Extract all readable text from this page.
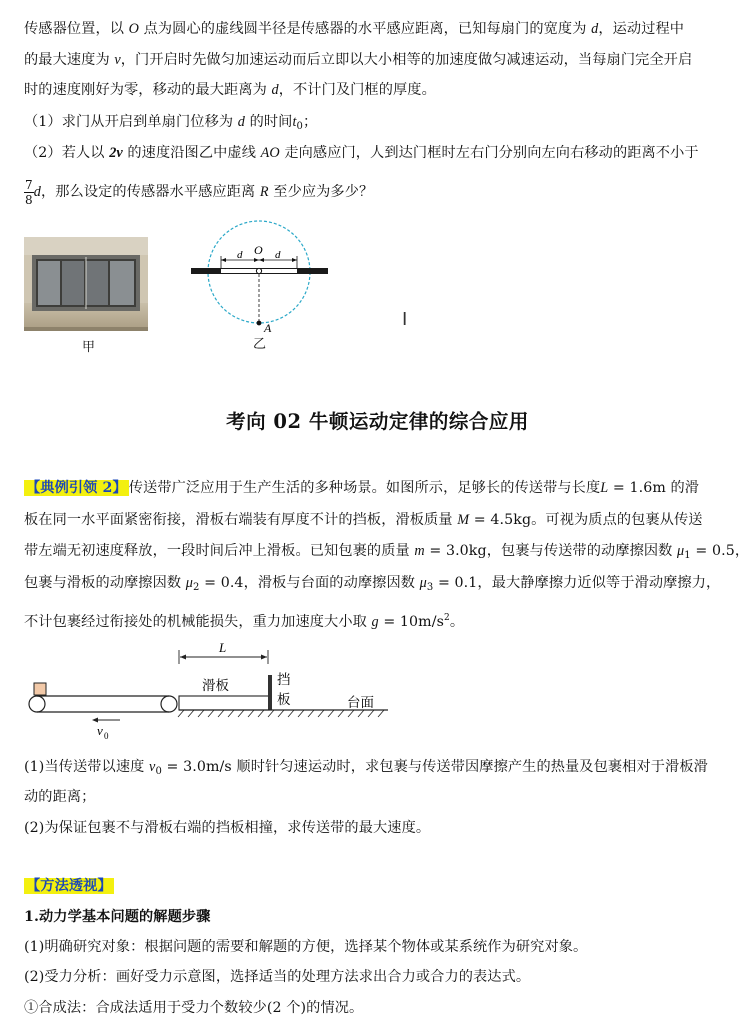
传感器位置，以 O 点为圆心的虚线圆半径是传感器的水平感应距离，已知每扇门的宽度为 d，运动过程中
的最大速度为 v，门开启时先做匀加速运动而后立即以大小相等的加速度做匀减速运动，当每扇门完全开启
时的速度刚好为零，移动的最大距离为 d，不计门及门框的厚度。
（1）求门从开启到单扇门位移为 d 的时间$t_0$；
（2）若人以 2v 的速度沿图乙中虚线 AO 走向感应门，人到达门框时左右门分别向左向右移动的距离不小于
$\frac{7}{8}$ d，那么设定的传感器水平感应距离 R 至少应为多少？
甲
O
d	d
A
乙
I
考向 02 牛顿运动定律的综合应用
【典例引领 2】 传送带广泛应用于生产生活的多种场景。如图所示，足够长的传送带与长度L = 1.6m 的滑
板在同一水平面紧密衔接，滑板右端装有厚度不计的挡板，滑板质量 M = 4.5kg。可视为质点的包裹从传送
带左端无初速度释放，一段时间后冲上滑板。已知包裹的质量 m = 3.0kg，包裹与传送带的动摩擦因数 $\mu_1 = 0.5$，
包裹与滑板的动摩擦因数 $\mu_2 = 0.4$，滑板与台面的动摩擦因数 $\mu_3 = 0.1$，最大静摩擦力近似等于滑动摩擦力，
不计包裹经过衔接处的机械能损失，重力加速度大小取 $g = 10m/s^2$。
v 0
L
滑板	挡
板	台面
(1)当传送带以速度 $v_0 = 3.0m/s$ 顺时针匀速运动时，求包裹与传送带因摩擦产生的热量及包裹相对于滑板滑
动的距离；
(2)为保证包裹不与滑板右端的挡板相撞，求传送带的最大速度。
【方法透视】
1.动力学基本问题的解题步骤
(1)明确研究对象：根据问题的需要和解题的方便，选择某个物体或某系统作为研究对象。
(2)受力分析：画好受力示意图，选择适当的处理方法求出合力或合力的表达式。
①合成法：合成法适用于受力个数较少(2 个)的情况。
